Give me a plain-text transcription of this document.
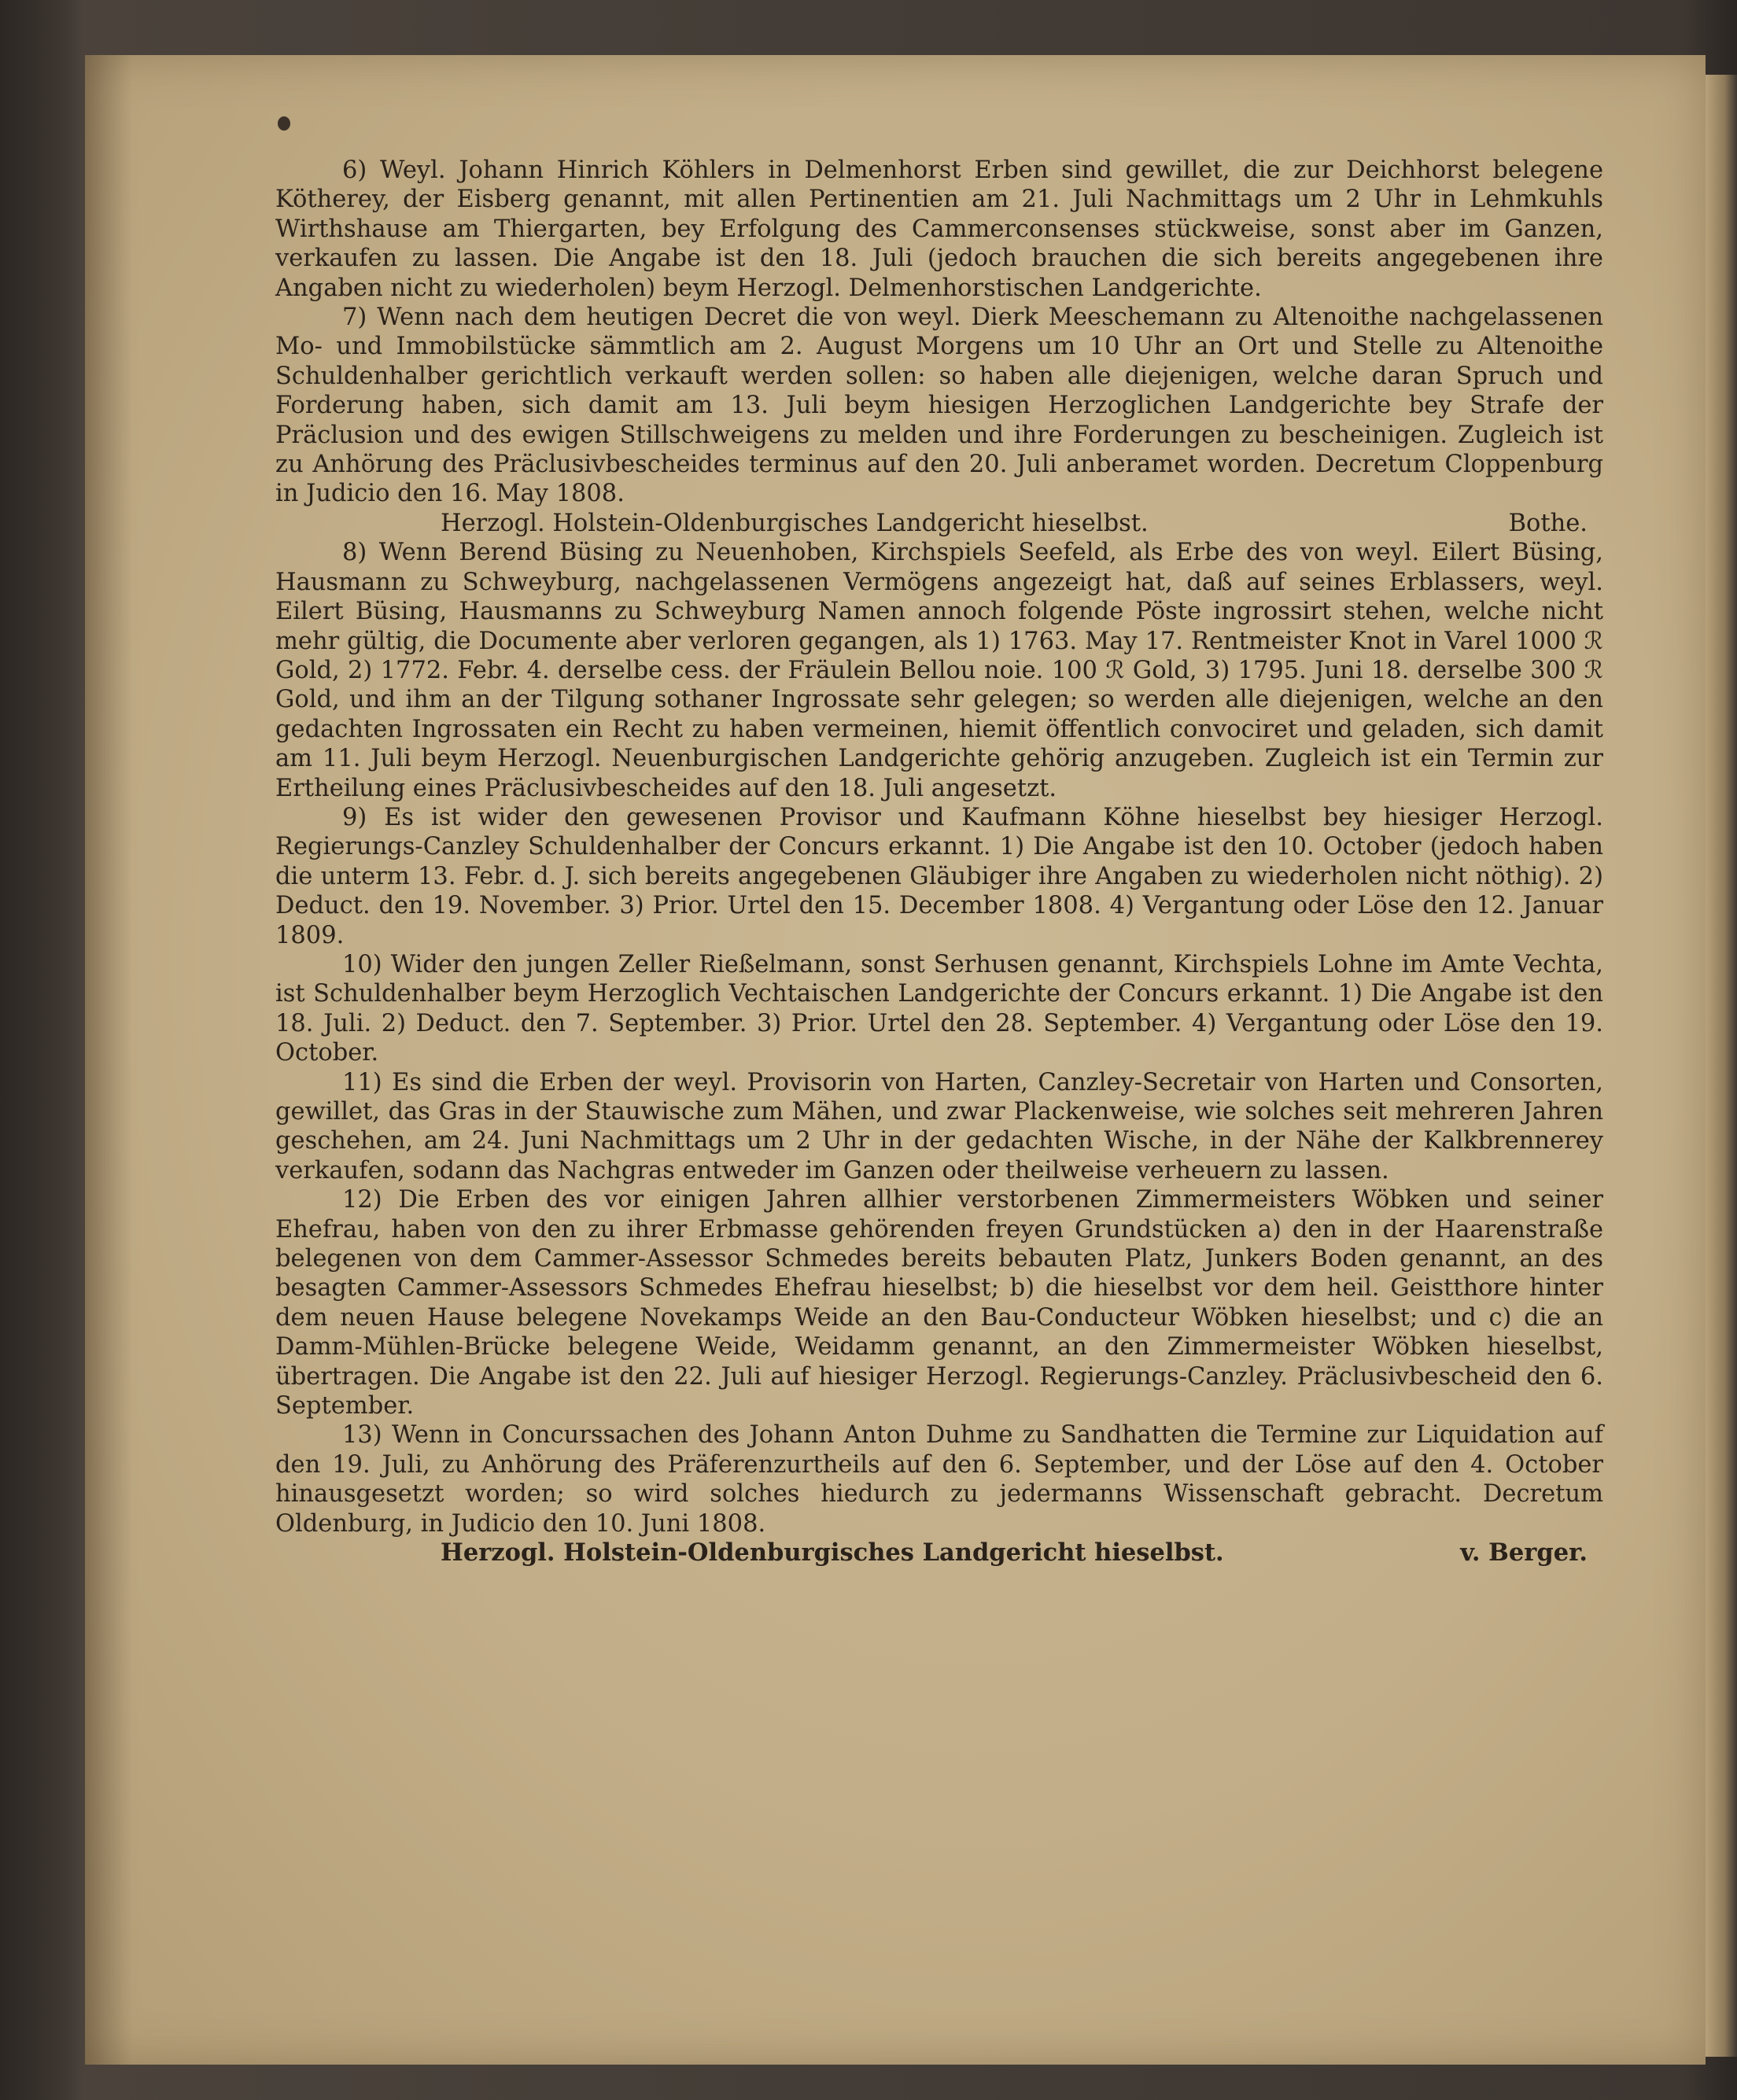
6) Weyl. Johann Hinrich Köhlers in Delmenhorst Erben sind gewillet, die zur Deichhorst belegene Kötherey, der Eisberg genannt, mit allen Pertinentien am 21. Juli Nachmittags um 2 Uhr in Lehmkuhls Wirthshause am Thiergarten, bey Erfolgung des Cammerconsenses stückweise, sonst aber im Ganzen, verkaufen zu lassen. Die Angabe ist den 18. Juli (jedoch brauchen die sich bereits angegebenen ihre Angaben nicht zu wiederholen) beym Herzogl. Delmenhorstischen Landgerichte.

7) Wenn nach dem heutigen Decret die von weyl. Dierk Meeschemann zu Altenoithe nachgelassenen Mo- und Immobilstücke sämmtlich am 2. August Morgens um 10 Uhr an Ort und Stelle zu Altenoithe Schuldenhalber gerichtlich verkauft werden sollen: so haben alle diejenigen, welche daran Spruch und Forderung haben, sich damit am 13. Juli beym hiesigen Herzoglichen Landgerichte bey Strafe der Präclusion und des ewigen Stillschweigens zu melden und ihre Forderungen zu bescheinigen. Zugleich ist zu Anhörung des Präclusivbescheides terminus auf den 20. Juli anberamet worden. Decretum Cloppenburg in Judicio den 16. May 1808.

Herzogl. Holstein-Oldenburgisches Landgericht hieselbst.	Bothe.

8) Wenn Berend Büsing zu Neuenhoben, Kirchspiels Seefeld, als Erbe des von weyl. Eilert Büsing, Hausmann zu Schweyburg, nachgelassenen Vermögens angezeigt hat, daß auf seines Erblassers, weyl. Eilert Büsing, Hausmanns zu Schweyburg Namen annoch folgende Pöste ingrossirt stehen, welche nicht mehr gültig, die Documente aber verloren gegangen, als 1) 1763. May 17. Rentmeister Knot in Varel 1000 ℛ Gold, 2) 1772. Febr. 4. derselbe cess. der Fräulein Bellou noie. 100 ℛ Gold, 3) 1795. Juni 18. derselbe 300 ℛ Gold, und ihm an der Tilgung sothaner Ingrossate sehr gelegen; so werden alle diejenigen, welche an den gedachten Ingrossaten ein Recht zu haben vermeinen, hiemit öffentlich convociret und geladen, sich damit am 11. Juli beym Herzogl. Neuenburgischen Landgerichte gehörig anzugeben. Zugleich ist ein Termin zur Ertheilung eines Präclusivbescheides auf den 18. Juli angesetzt.

9) Es ist wider den gewesenen Provisor und Kaufmann Köhne hieselbst bey hiesiger Herzogl. Regierungs-Canzley Schuldenhalber der Concurs erkannt. 1) Die Angabe ist den 10. October (jedoch haben die unterm 13. Febr. d. J. sich bereits angegebenen Gläubiger ihre Angaben zu wiederholen nicht nöthig). 2) Deduct. den 19. November. 3) Prior. Urtel den 15. December 1808. 4) Vergantung oder Löse den 12. Januar 1809.

10) Wider den jungen Zeller Rießelmann, sonst Serhusen genannt, Kirchspiels Lohne im Amte Vechta, ist Schuldenhalber beym Herzoglich Vechtaischen Landgerichte der Concurs erkannt. 1) Die Angabe ist den 18. Juli. 2) Deduct. den 7. September. 3) Prior. Urtel den 28. September. 4) Vergantung oder Löse den 19. October.

11) Es sind die Erben der weyl. Provisorin von Harten, Canzley-Secretair von Harten und Consorten, gewillet, das Gras in der Stauwische zum Mähen, und zwar Plackenweise, wie solches seit mehreren Jahren geschehen, am 24. Juni Nachmittags um 2 Uhr in der gedachten Wische, in der Nähe der Kalkbrennerey verkaufen, sodann das Nachgras entweder im Ganzen oder theilweise verheuern zu lassen.

12) Die Erben des vor einigen Jahren allhier verstorbenen Zimmermeisters Wöbken und seiner Ehefrau, haben von den zu ihrer Erbmasse gehörenden freyen Grundstücken a) den in der Haarenstraße belegenen von dem Cammer-Assessor Schmedes bereits bebauten Platz, Junkers Boden genannt, an des besagten Cammer-Assessors Schmedes Ehefrau hieselbst; b) die hieselbst vor dem heil. Geistthore hinter dem neuen Hause belegene Novekamps Weide an den Bau-Conducteur Wöbken hieselbst; und c) die an Damm-Mühlen-Brücke belegene Weide, Weidamm genannt, an den Zimmermeister Wöbken hieselbst, übertragen. Die Angabe ist den 22. Juli auf hiesiger Herzogl. Regierungs-Canzley. Präclusivbescheid den 6. September.

13) Wenn in Concurssachen des Johann Anton Duhme zu Sandhatten die Termine zur Liquidation auf den 19. Juli, zu Anhörung des Präferenzurtheils auf den 6. September, und der Löse auf den 4. October hinausgesetzt worden; so wird solches hiedurch zu jedermanns Wissenschaft gebracht. Decretum Oldenburg, in Judicio den 10. Juni 1808.

Herzogl. Holstein-Oldenburgisches Landgericht hieselbst.	v. Berger.
